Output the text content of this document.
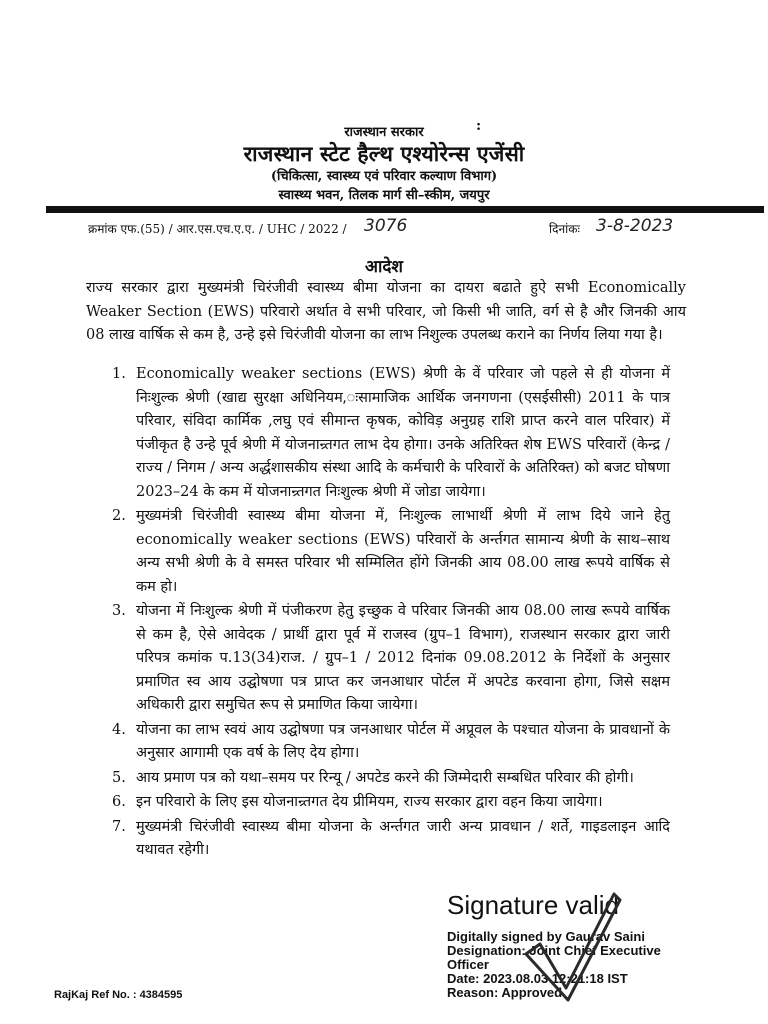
राजस्थान सरकार	:
राजस्थान स्टेट हैल्थ एश्योरेन्स एजेंसी
(चिकित्सा, स्वास्थ्य एवं परिवार कल्याण विभाग)
स्वास्थ्य भवन, तिलक मार्ग सी–स्कीम, जयपुर
क्रमांक एफ.(55) / आर.एस.एच.ए.ए. / UHC / 2022 / 3076	दिनांकः 3-8-2023
आदेश
राज्य सरकार द्वारा मुख्यमंत्री चिरंजीवी स्वास्थ्य बीमा योजना का दायरा बढाते हुऐ सभी Economically Weaker Section (EWS) परिवारो अर्थात वे सभी परिवार, जो किसी भी जाति, वर्ग से है और जिनकी आय 08 लाख वार्षिक से कम है, उन्हे इसे चिरंजीवी योजना का लाभ निशुल्क उपलब्ध कराने का निर्णय लिया गया है।
1. Economically weaker sections (EWS) श्रेणी के वें परिवार जो पहले से ही योजना में निःशुल्क श्रेणी (खाद्य सुरक्षा अधिनियम,ःसामाजिक आर्थिक जनगणना (एसईसीसी) 2011 के पात्र परिवार, संविदा कार्मिक ,लघु एवं सीमान्त कृषक, कोविड़ अनुग्रह राशि प्राप्त करने वाल परिवार) में पंजीकृत है उन्हे पूर्व श्रेणी में योजनान्र्तगत लाभ देय होगा। उनके अतिरिक्त शेष EWS परिवारों (केन्द्र / राज्य / निगम / अन्य अर्द्धशासकीय संस्था आदि के कर्मचारी के परिवारों के अतिरिक्त) को बजट घोषणा 2023–24 के कम में योजनान्र्तगत निःशुल्क श्रेणी में जोडा जायेगा।
2. मुख्यमंत्री चिरंजीवी स्वास्थ्य बीमा योजना में, निःशुल्क लाभार्थी श्रेणी में लाभ दिये जाने हेतु economically weaker sections (EWS) परिवारों के अर्न्तगत सामान्य श्रेणी के साथ–साथ अन्य सभी श्रेणी के वे समस्त परिवार भी सम्मिलित होंगे जिनकी आय 08.00 लाख रूपये वार्षिक से कम हो।
3. योजना में निःशुल्क श्रेणी में पंजीकरण हेतु इच्छुक वे परिवार जिनकी आय 08.00 लाख रूपये वार्षिक से कम है, ऐसे आवेदक / प्रार्थी द्वारा पूर्व में राजस्व (ग्रुप–1 विभाग), राजस्थान सरकार द्वारा जारी परिपत्र कमांक प.13(34)राज. / ग्रुप–1 / 2012 दिनांक 09.08.2012 के निर्देशों के अनुसार प्रमाणित स्व आय उद्घोषणा पत्र प्राप्त कर जनआधार पोर्टल में अपटेड करवाना होगा, जिसे सक्षम अधिकारी द्वारा समुचित रूप से प्रमाणित किया जायेगा।
4. योजना का लाभ स्वयं आय उद्घोषणा पत्र जनआधार पोर्टल में अप्रूवल के पश्चात योजना के प्रावधानों के अनुसार आगामी एक वर्ष के लिए देय होगा।
5. आय प्रमाण पत्र को यथा–समय पर रिन्यू / अपटेड करने की जिम्मेदारी सम्बधित परिवार की होगी।
6. इन परिवारो के लिए इस योजनान्र्तगत देय प्रीमियम, राज्य सरकार द्वारा वहन किया जायेगा।
7. मुख्यमंत्री चिरंजीवी स्वास्थ्य बीमा योजना के अर्न्तगत जारी अन्य प्रावधान / शर्ते, गाइडलाइन आदि यथावत रहेगी।
Signature valid
Digitally signed by Gaurav Saini
Designation: Joint Chief Executive
Officer
Date: 2023.08.03 12:21:18 IST
Reason: Approved
RajKaj Ref No. : 4384595
